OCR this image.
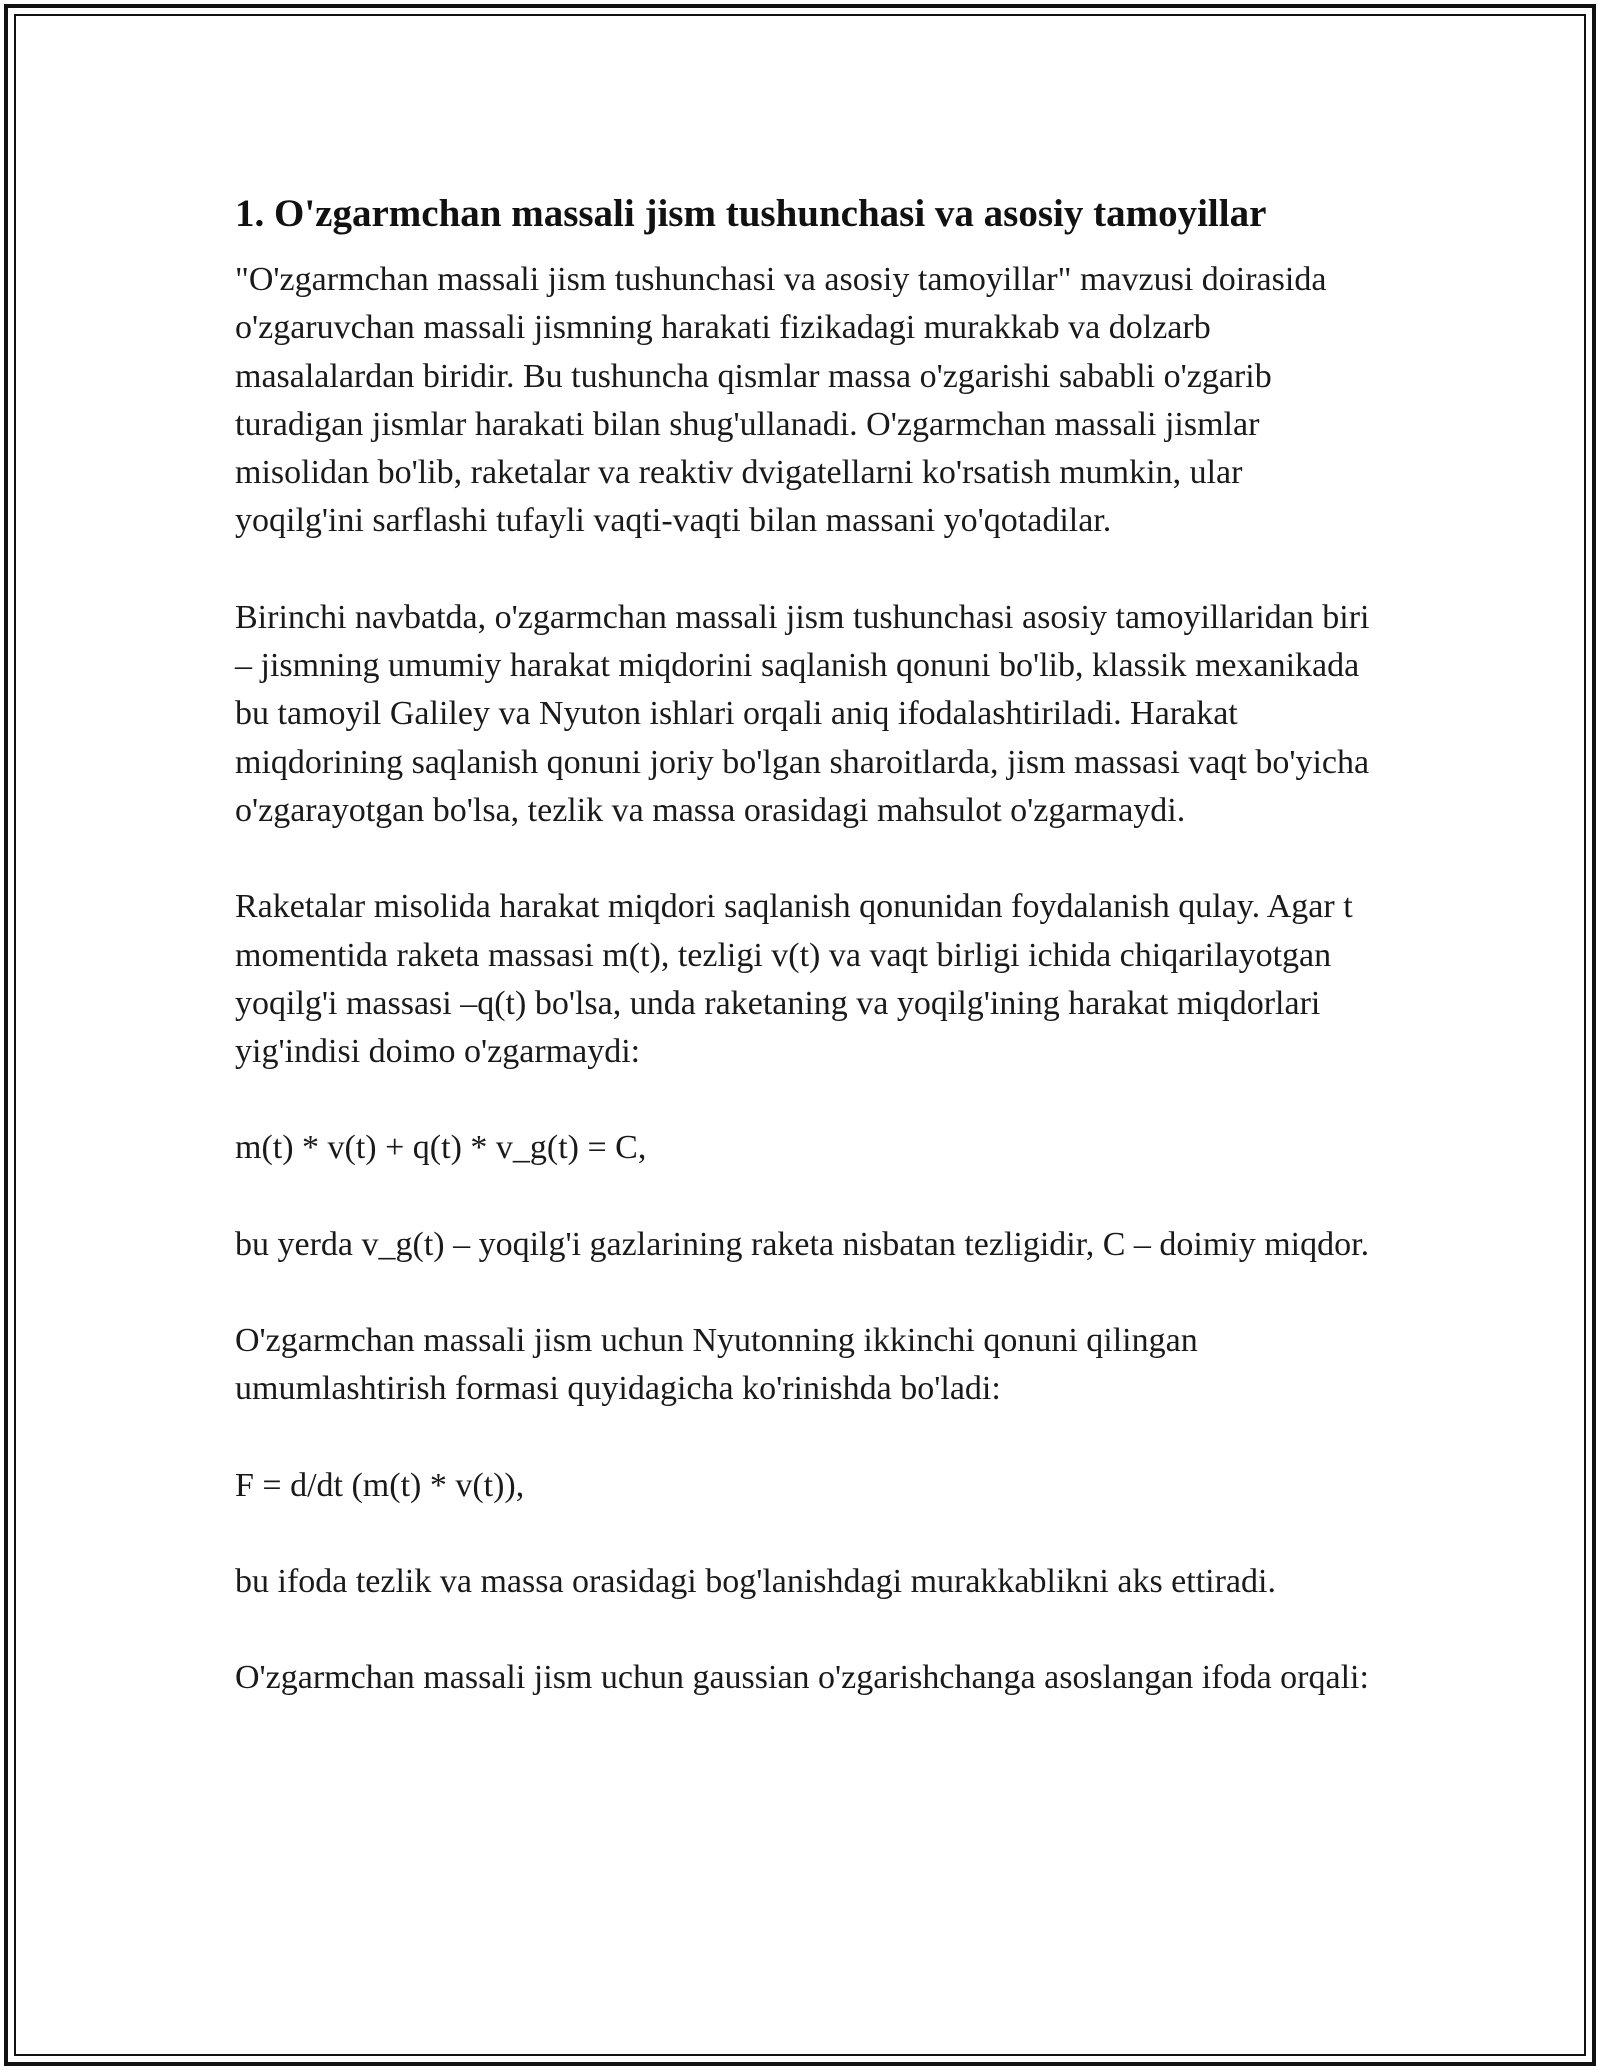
1. O'zgarmchan massali jism tushunchasi va asosiy tamoyillar

"O'zgarmchan massali jism tushunchasi va asosiy tamoyillar" mavzusi doirasida o'zgaruvchan massali jismning harakati fizikadagi murakkab va dolzarb masalalardan biridir. Bu tushuncha qismlar massa o'zgarishi sababli o'zgarib turadigan jismlar harakati bilan shug'ullanadi. O'zgarmchan massali jismlar misolidan bo'lib, raketalar va reaktiv dvigatellarni ko'rsatish mumkin, ular yoqilg'ini sarflashi tufayli vaqti-vaqti bilan massani yo'qotadilar.

Birinchi navbatda, o'zgarmchan massali jism tushunchasi asosiy tamoyillaridan biri – jismning umumiy harakat miqdorini saqlanish qonuni bo'lib, klassik mexanikada bu tamoyil Galiley va Nyuton ishlari orqali aniq ifodalashtiriladi. Harakat miqdorining saqlanish qonuni joriy bo'lgan sharoitlarda, jism massasi vaqt bo'yicha o'zgarayotgan bo'lsa, tezlik va massa orasidagi mahsulot o'zgarmaydi.

Raketalar misolida harakat miqdori saqlanish qonunidan foydalanish qulay. Agar t momentida raketa massasi m(t), tezligi v(t) va vaqt birligi ichida chiqarilayotgan yoqilg'i massasi –q(t) bo'lsa, unda raketaning va yoqilg'ining harakat miqdorlari yig'indisi doimo o'zgarmaydi:

m(t) * v(t) + q(t) * v_g(t) = C,

bu yerda v_g(t) – yoqilg'i gazlarining raketa nisbatan tezligidir, C – doimiy miqdor.

O'zgarmchan massali jism uchun Nyutonning ikkinchi qonuni qilingan umumlashtirish formasi quyidagicha ko'rinishda bo'ladi:

F = d/dt (m(t) * v(t)),

bu ifoda tezlik va massa orasidagi bog'lanishdagi murakkablikni aks ettiradi.

O'zgarmchan massali jism uchun gaussian o'zgarishchanga asoslangan ifoda orqali:
